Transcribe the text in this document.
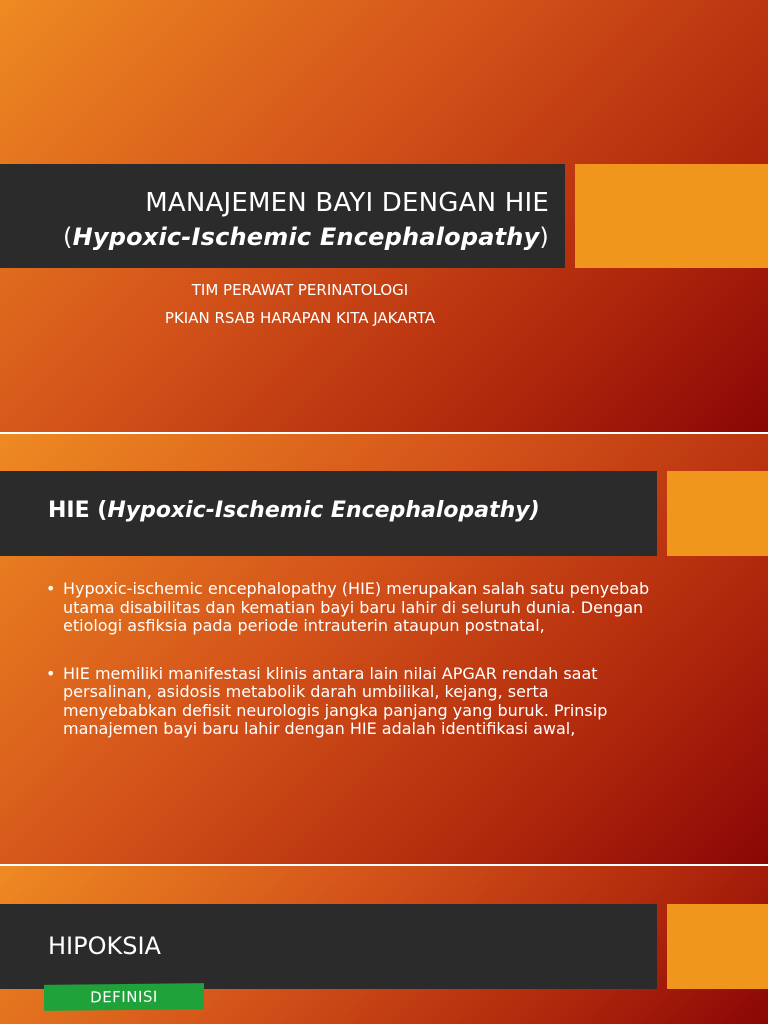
MANAJEMEN BAYI DENGAN HIE
(Hypoxic-Ischemic Encephalopathy)
TIM PERAWAT PERINATOLOGI
PKIAN RSAB HARAPAN KITA JAKARTA
HIE (Hypoxic-Ischemic Encephalopathy)
• Hypoxic-ischemic encephalopathy (HIE) merupakan salah satu penyebab utama disabilitas dan kematian bayi baru lahir di seluruh dunia. Dengan etiologi asfiksia pada periode intrauterin ataupun postnatal,
• HIE memiliki manifestasi klinis antara lain nilai APGAR rendah saat persalinan, asidosis metabolik darah umbilikal, kejang, serta menyebabkan defisit neurologis jangka panjang yang buruk. Prinsip manajemen bayi baru lahir dengan HIE adalah identifikasi awal,
HIPOKSIA
DEFINISI
